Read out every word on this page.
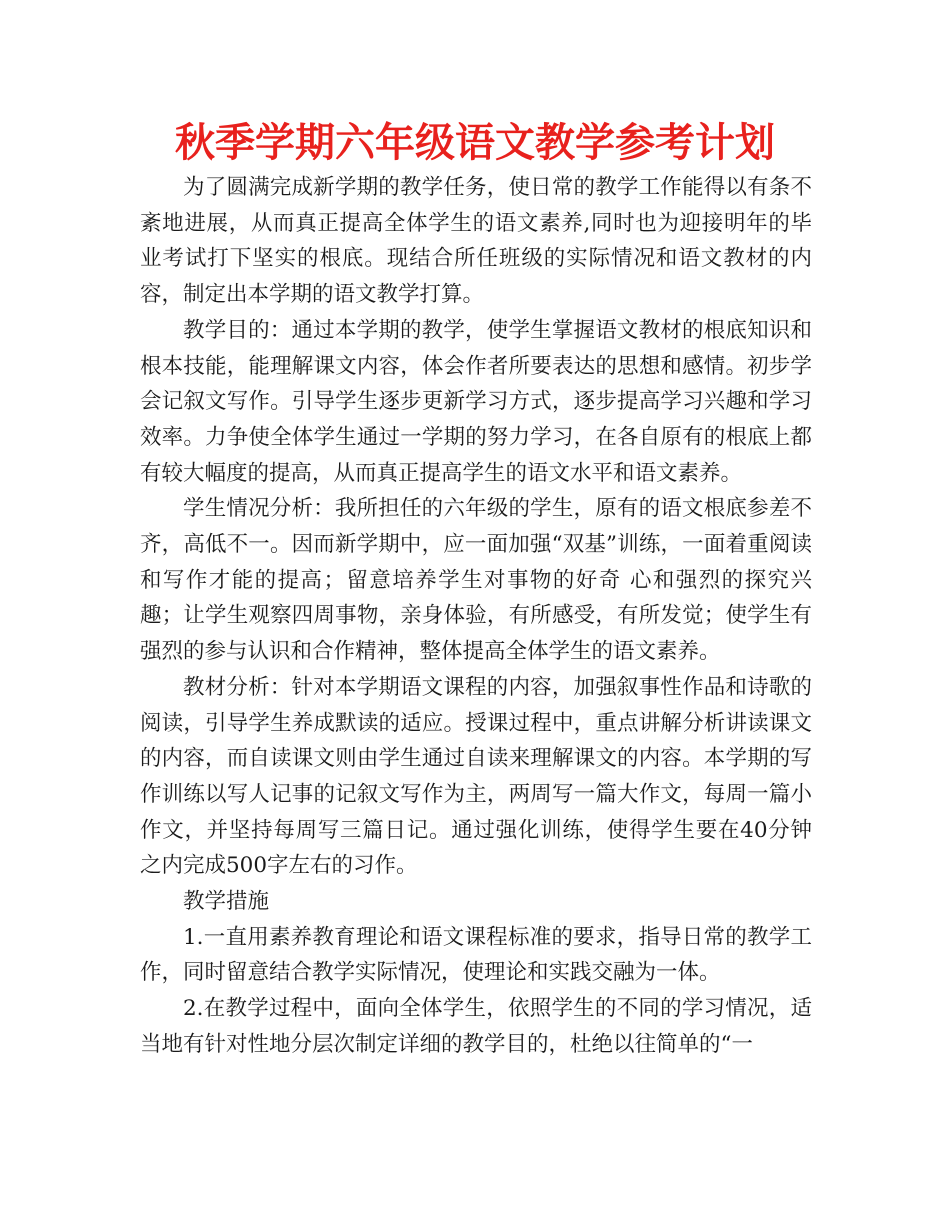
秋季学期六年级语文教学参考计划

为了圆满完成新学期的教学任务，使日常的教学工作能得以有条不紊地进展，从而真正提高全体学生的语文素养,同时也为迎接明年的毕业考试打下坚实的根底。现结合所任班级的实际情况和语文教材的内容，制定出本学期的语文教学打算。

教学目的：通过本学期的教学，使学生掌握语文教材的根底知识和根本技能，能理解课文内容，体会作者所要表达的思想和感情。初步学会记叙文写作。引导学生逐步更新学习方式，逐步提高学习兴趣和学习效率。力争使全体学生通过一学期的努力学习，在各自原有的根底上都有较大幅度的提高，从而真正提高学生的语文水平和语文素养。

学生情况分析：我所担任的六年级的学生，原有的语文根底参差不齐，高低不一。因而新学期中，应一面加强“双基”训练，一面着重阅读和写作才能的提高；留意培养学生对事物的好奇 心和强烈的探究兴趣；让学生观察四周事物，亲身体验，有所感受，有所发觉；使学生有强烈的参与认识和合作精神，整体提高全体学生的语文素养。

教材分析：针对本学期语文课程的内容，加强叙事性作品和诗歌的阅读，引导学生养成默读的适应。授课过程中，重点讲解分析讲读课文的内容，而自读课文则由学生通过自读来理解课文的内容。本学期的写作训练以写人记事的记叙文写作为主，两周写一篇大作文，每周一篇小作文，并坚持每周写三篇日记。通过强化训练，使得学生要在40分钟之内完成500字左右的习作。

教学措施

1.一直用素养教育理论和语文课程标准的要求，指导日常的教学工作，同时留意结合教学实际情况，使理论和实践交融为一体。

2.在教学过程中，面向全体学生，依照学生的不同的学习情况，适当地有针对性地分层次制定详细的教学目的，杜绝以往简单的“一
